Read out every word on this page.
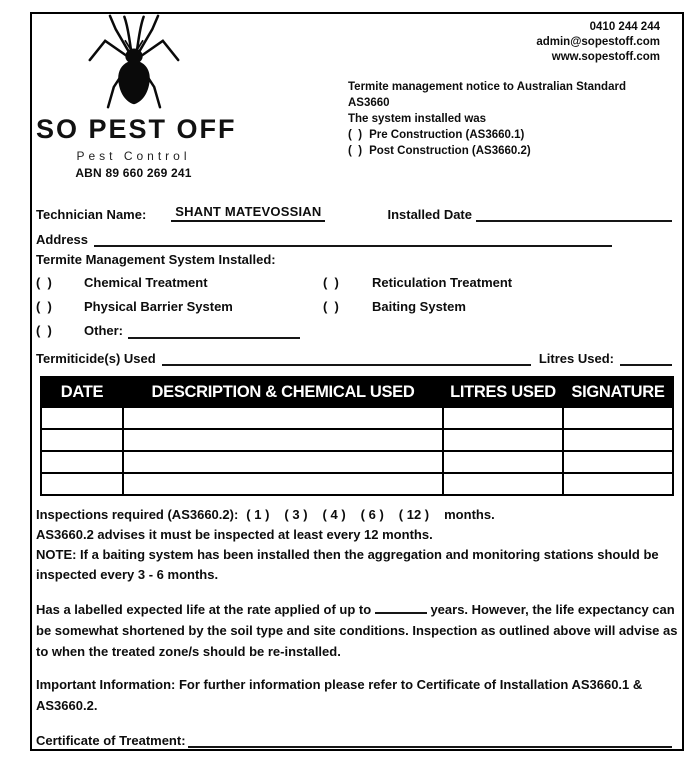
SO PEST OFF
Pest Control
ABN 89 660 269 241
0410 244 244
admin@sopestoff.com
www.sopestoff.com
Termite management notice to Australian Standard
AS3660
The system installed was
(  ) Pre Construction (AS3660.1)
(  ) Post Construction (AS3660.2)
Technician Name:	SHANT MATEVOSSIAN	Installed Date
Address
Termite Management System Installed:
(  ) Chemical Treatment	(  )	Reticulation Treatment
(  ) Physical Barrier System	(  )	Baiting System
(  ) Other:
Termiticide(s) Used	Litres Used:
DATE	DESCRIPTION & CHEMICAL USED	LITRES USED	SIGNATURE

Inspections required (AS3660.2): ( 1 ) ( 3 ) ( 4 ) ( 6 ) ( 12 ) months.
AS3660.2 advises it must be inspected at least every 12 months.
NOTE: If a baiting system has been installed then the aggregation and monitoring stations should be inspected every 3 - 6 months.
Has a labelled expected life at the rate applied of up to	years. However, the life expectancy can be somewhat shortened by the soil type and site conditions. Inspection as outlined above will advise as to when the treated zone/s should be re-installed.
Important Information: For further information please refer to Certificate of Installation AS3660.1 & AS3660.2.
Certificate of Treatment:
